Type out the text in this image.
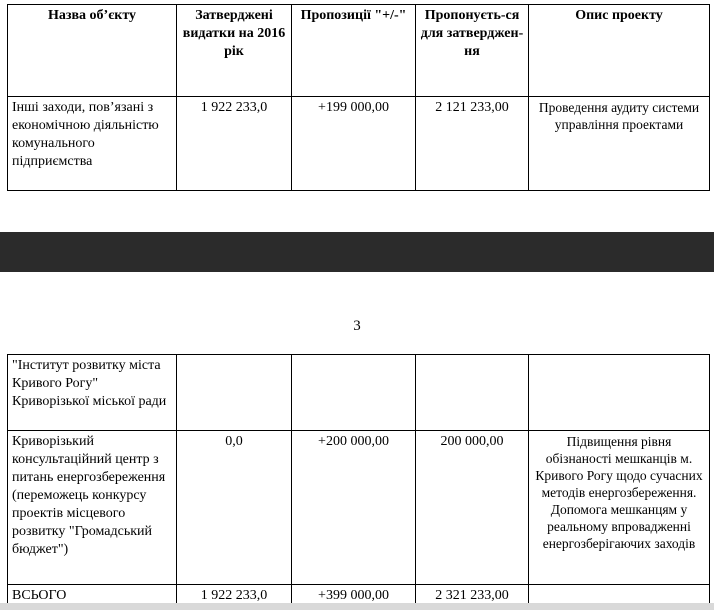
Назва об’єкту	Затверджені видатки на 2016 рік	Пропозиції "+/-"	Пропонуєть-ся для затверджен-ня	Опис проекту
Інші заходи, пов’язані з економічною діяльністю комунального підприємства	1 922 233,0	+199 000,00	2 121 233,00	Проведення аудиту системи управління проектами
3
"Інститут розвитку міста Кривого Рогу" Криворізької міської ради				
Криворізький консультаційний центр з питань енергозбереження (переможець конкурсу проектів місцевого розвитку "Громадський бюджет")	0,0	+200 000,00	200 000,00	Підвищення рівня обізнаності мешканців м. Кривого Рогу щодо сучасних методів енергозбереження. Допомога мешканцям у реальному впровадженні енергозберігаючих заходів
ВСЬОГО	1 922 233,0	+399 000,00	2 321 233,00	
